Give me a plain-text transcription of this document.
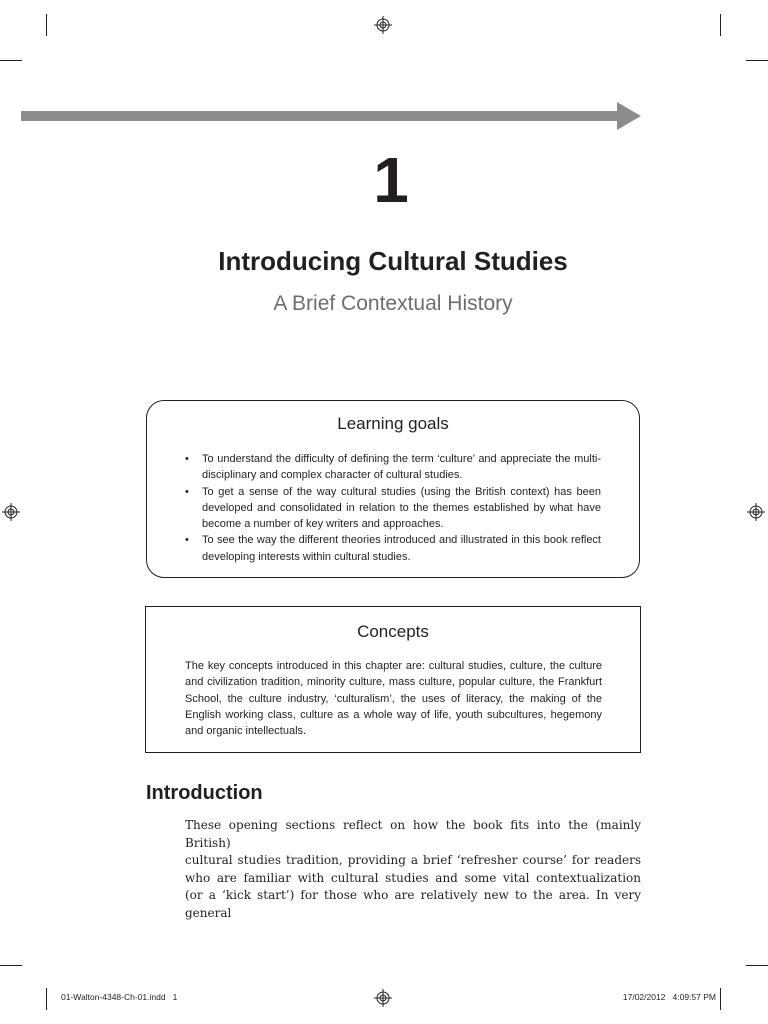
1
Introducing Cultural Studies
A Brief Contextual History
Learning goals
• To understand the difficulty of defining the term ‘culture’ and appreciate the multi-disciplinary and complex character of cultural studies.
• To get a sense of the way cultural studies (using the British context) has been developed and consolidated in relation to the themes established by what have become a number of key writers and approaches.
• To see the way the different theories introduced and illustrated in this book reflect developing interests within cultural studies.
Concepts

The key concepts introduced in this chapter are: cultural studies, culture, the culture and civilization tradition, minority culture, mass culture, popular culture, the Frankfurt School, the culture industry, ‘culturalism’, the uses of literacy, the making of the English working class, culture as a whole way of life, youth subcultures, hegemony and organic intellectuals.

Introduction
These opening sections reflect on how the book fits into the (mainly British)
cultural studies tradition, providing a brief ‘refresher course’ for readers
who are familiar with cultural studies and some vital contextualization
(or a ‘kick start’) for those who are relatively new to the area. In very general
01-Walton-4348-Ch-01.indd   1	17/02/2012   4:09:57 PM
